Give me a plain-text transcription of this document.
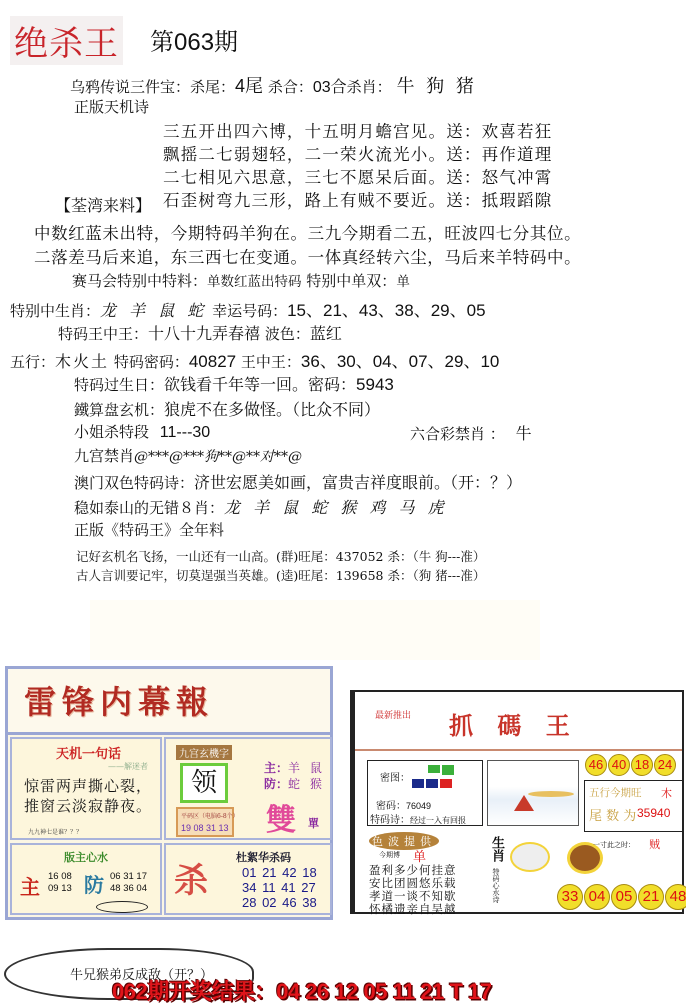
绝杀王 第063期
乌鸦传说三件宝：杀尾：4尾 杀合：03合杀肖： 牛 狗 猪
正版天机诗
三五开出四六博，十五明月蟾宫见。送：欢喜若狂
飘摇二七弱翅轻，二一荣火流光小。送：再作道理
二七相见六思意，三七不愿呆后面。送：怒气冲霄
石歪树弯九三形，路上有贼不要近。送：抵瑕蹈隙
【荃湾来料】
中数红蓝未出特，今期特码羊狗在。三九今期看二五，旺波四七分其位。
二落差马后来追，东三西七在变通。一体真经转六尘，马后来羊特码中。
赛马会特别中特料：单数红蓝出特码 特别中单双：单
特别中生肖：龙 羊 鼠 蛇 幸运号码：15、21、43、38、29、05
特码王中王：十八十九弄春禧 波色：蓝红
五行：木火土 特码密码：40827 王中王：36、30、04、07、29、10
特码过生日：欲钱看千年等一回。密码：5943
鐵算盘玄机：狼虎不在多做怪。（比众不同）
小姐杀特段 11---30	六合彩禁肖 ： 牛
九宫禁肖@***@***狗**@**对**@
澳门双色特码诗：济世宏愿美如画，富贵吉祥度眼前。（开：？）
稳如泰山的无错８肖：龙 羊 鼠 蛇 猴 鸡 马 虎
正版《特码王》全年料
记好玄机名飞扬，一山还有一山高。(群)旺尾：437052 杀：（牛 狗---准）
古人言训要记牢，切莫逞强当英雄。(逵)旺尾：139658 杀：（狗 猪---准）
雷锋内幕報
天机一句话
——解迷者
惊雷两声撕心裂，
推窗云淡寂静夜。
九九神七是谁？？？
九宫玄機字
领
平码区（电脑6-8个）
19 08 31 13
主：羊 鼠
防：蛇 猴
雙 單
版主心水
主 16 08
09 13 防 06 31 17
48 36 04 杀
杜絮华杀码
01 21 42 18
34 11 41 27
28 02 46 38
最新推出 抓 碼 王
密图：
密码：76049
特码诗：经过一入有回报
46 40 18 24
五行今期旺 木
尾 数 为 35940
色波提供
今期博 单
盈利多少何挂意
安比团圆悠乐载
孝道一谈不知歇
怀橘遗亲自吴越
生肖
特码心水诗
一寸此之时： 贼
33 04 05 21 48
牛兄猴弟反成敌（开？）
062期开奖结果：04 26 12 05 11 21 T 17
